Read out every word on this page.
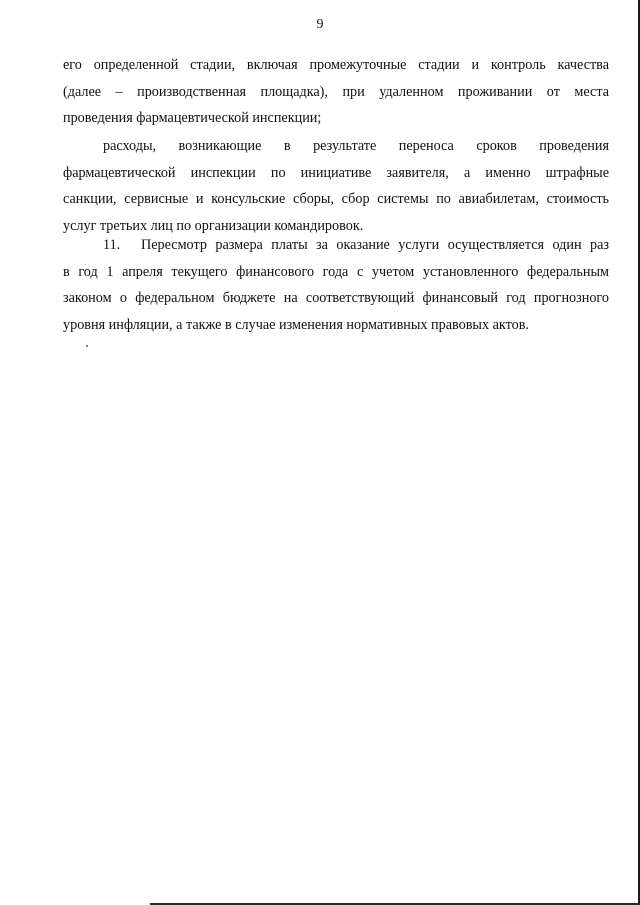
9

его определенной стадии, включая промежуточные стадии и контроль качества
(далее – производственная площадка), при удаленном проживании от места
проведения фармацевтической инспекции;

расходы, возникающие в результате переноса сроков проведения
фармацевтической инспекции по инициативе заявителя, а именно штрафные
санкции, сервисные и консульские сборы, сбор системы по авиабилетам, стоимость
услуг третьих лиц по организации командировок.

11.	Пересмотр размера платы за оказание услуги осуществляется один раз
в год 1 апреля текущего финансового года с учетом установленного федеральным
законом о федеральном бюджете на соответствующий финансовый год прогнозного
уровня инфляции, а также в случае изменения нормативных правовых актов.
